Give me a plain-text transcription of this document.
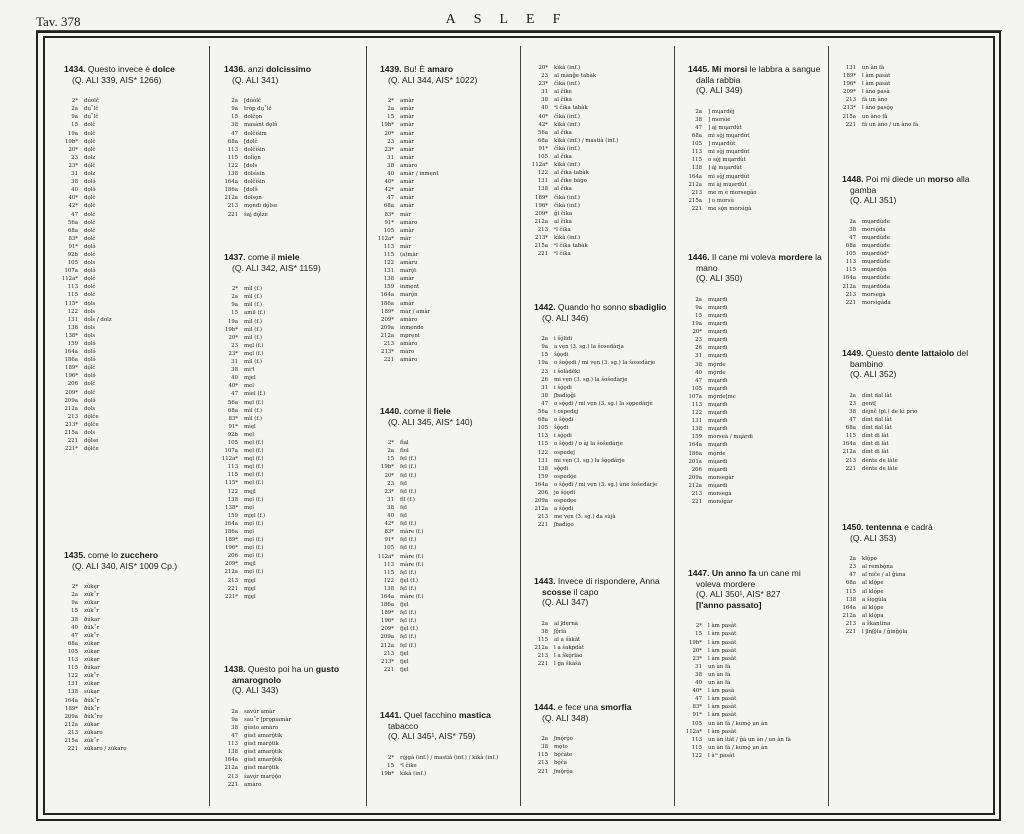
Tav. 378	ASLEF
1434. Questo invece è dolce
(Q. ALI 339, AIS* 1266)
2* dúolč
2a dụ˚lč
9a dụ˚lč
15 dolč
19a dolč
19b* dọlč
20* dọlč
23 dolz
23* dọ̈lč
31 dolz
38 dolə̂
40 dọlə̂
40* dọlč
42* dọlč
47 dolč
56a dolč
68a dolč
83* dolč
91* dọlə̂
92b dolč
105 dols
107a dọlə̂
112a* dọlč
113 dolč
115 dolč
115* dọls
122 dols
131 dol̄s / dolz
138 dols
138* dọls
159 dolə̂
164a dolə̂
186a dọlə̂
189* dọ̈lč
196* dọlə̂
206 dolč
209* dọlč
209a dọlə̂
212a dọls
213 dǫ̈lče
213* dǫ̈lče
215a dols
221 dǫ̈lse
221* dǫ̈lče
1435. come lo zucchero
(Q. ALI 340, AIS* 1009 Cp.)
2* zùkęr
2a zúk˚r
9a zúkar
15 zúk˚r
38 ðúkar
40 ðúk˚r
47 zúk˚r
68a zúkar
105 zúkar
113 zúkar
115 ðúkar
122 zúk˚r
131 zúkar
138 súkar
164a ðúk˚r
189* ðúk˚r
209a ðúk˚ro
212a zúkar
213 zúkaro
215a zúk˚r
221 zùkaro / zùkaro
1436. anzi dolcissimo
(Q. ALI 341)
2a [dúolč
9a tròp dụ˚lč
15 dolčǫn
38 masànt dǫlə̂
47 dolčìšim
68a [dọlč
113 dolčìšin
115 dolìǫn
122 [dols
138 dolsìsin
164a dolčìšin
186a [dolə̂
212a dolsǫn
213 mǫndi dǫ̈lse
221 šaj dǫ̈lze
1437. come il miele
(Q. ALI 342, AIS* 1159)
2* mìl (f.)
2a mìl (f.)
9a mìl (f.)
15 amìl (f.)
19a mìl (f.)
19b* mìl (f.)
20* mìl (f.)
23 męl (f.)
23* męl (f.)
31 mìl (f.)
38 mìᵉl
40 mjel
40* mel
47 mìel (f.)
56a mẹl (f.)
68a mìl (f.)
83* mìl (f.)
91* mìęl
92b mẹl
105 mẹl (f.)
107a mẹl (f.)
112a* męl (f.)
113 męl (f.)
115 mẹl (f.)
115* mẹl (f.)
122 męjl
138 mẹl (f.)
138* mẹl
159 mjẹl (f.)
164a mẹl (f.)
186a mẹl
189* mẹl (f.)
196* mẹl (f.)
206 mẹl (f.)
209* męjl
212a mẹl (f.)
213 mjęl
221 mjęl
221* mjęl
1438. Questo poi ha un gusto amarognolo
(Q. ALI 343)
2a savúr amàr
9a sau˚r [prǫpiamàr
38 gùsto amàro
47 gùst amarǫ̀tik
113 gùst marǫ̀tik
138 gùst amarǫ̀tik
164a gùst amarǫ̀tik
212a gùst marǫ̀tik
213 šavǫ́r marǫ̀ǫ̆o
221 amàro
1439. Bu! È amaro
(Q. ALI 344, AIS* 1022)
2* amàr
2a amàr
15 amàr
19b* amàr
20* amàr
23 amàr
23* amàr
31 amàr
38 amàro
40 amàr / inmẹnt
40* amàr
42* amàr
47 amàr
68a amàr
83* màr
91* amàro
105 amàr
112a* màr
113 màr
115 (a)màr
122 amàru
131 marǫ̀t
138 amàr
159 inmẹnt
164a marǫ̀n
186a amàr
189* màr / amàr
209* amàro
209a inmẹnde
212a mprẹnt
213 amàro
213* màro
221 amàro
1440. come il fiele
(Q. ALI 345, AIS* 140)
2* fìal
2a fìol
15 fẹl (f.)
19b* fẹl (f.)
20* fẹl (f.)
23 fẹl
23* fẹl (f.)
31 fìl (f.)
38 fẹl
40 fẹl
42* fẹl (f.)
83* màre (f.)
91* fẹl (f.)
105 fẹl (f.)
112a* màre (f.)
113 màre (f.)
115 fẹl (f.)
122 fjẹl (f.)
138 fẹl (f.)
164a màre (f.)
186a fjẹl
189* fẹl (f.)
196* fẹl (f.)
209* fjẹl (f.)
209a fẹl (f.)
212a fẹl (f.)
213 fjẹl
213* fjẹl
221 fjẹl
1441. Quel facchino mastica tabacco
(Q. ALI 345¹, AIS* 759)
2* rǫ̀jgà (inf.) / mastià (inf.) / kìkà (inf.)
15 ᵃl čìke
19b* kìkà (inf.)
20* kìkà (inf.)
23 al mànğe tabàk
23* čìkà (inf.)
31 al čìke
38 al čìka
40 ᵃl čìka tabàk
40* čìkà (inf.)
42* kìkà (inf.)
56a al čìka
68a kìkà (inf.) / mastià (inf.)
91* čìkà (inf.)
105 al čìka
112a* kìkà (inf.)
122 al čìka tabàk
131 al čìke bàgo
138 al čìka
189* čìkà (inf.)
196* čìkà (inf.)
209* ǧl čìka
212a al čìka
213 ᵃl čìka
213* kìkà (inf.)
215a ᵃl čìka tabàk
221 ᵃl čìka
1442. Quando ho sonno sbadiglio
(Q. ALI 346)
2a i šǫ̀lidi
9a a vẹn (3. sg.) la šosedàrja
15 šǫ̀ǫdi
19a o šoǫ̀ẹdi / mi vẹn (3. sg.) la šosedàrje
23 i šolàdèki
26 mi vẹn (3. sg.) la šošedàrje
31 i šǫ̀ǫdi
38 ʃbadìǫǧi
47 o sǫ̀ǫdi / mi vẹn (3. sg.) la sǫpedàrje
56a i ospedẹj
68a o šǫ̀ǫdi
105 šǫ̀ǫdi
113 i sǫ̀ǫdi
115 o šǫ̀ǫdi / o àj la šošedàrje
122 ospedẹj
131 mi vẹn (3. sg.) la šǫ̀ǫdàrje
138 sǫ̀ǫdi
159 ospedǫ̀e
164a o šǫ̀ǫdi / mi vẹn (3. sg.) ùne šošedàrje
206 jo šǫ̀ǫdi
209a ospedẹe
212a a šǫ̀ǫdi
213 me vẹn (3. sg.) da sùjà
221 ʃbadìǫo
1443. Invece di rispondere, Anna scosse il capo
(Q. ALI 347)
2a al ʃdẹrnà
38 ʃǫ̀rlà
115 al a šàkàt
212a l a šakpdàt
213 l a škǫ̀rlào
221 l ga škàšà
1444. e fece una smorfia
(Q. ALI 348)
2a ʃmǫ̀rǫ̀o
38 mǫ̀to
115 bǫ̀čàte
213 bǫ̀ča
221 ʃmǫ̀rǫ̀a
1445. Mi morsi le labbra a sangue dalla rabbia
(Q. ALI 349)
2a ] mųardèj
38 ] morsìe
47 ] aj mųardùt
68a mi sǫ̀j mųardùt
105 ] mųardùt
113 mi sǫ̀j mųardùt
115 o sǫ̀j mųardùt
138 ] àj mųardùt
164a mi sǫ̀j mųardùt
212a mi àj mųardùt
213 me m é morsegào
215a ] o morsù
221 me sǫ̀n morsìgà
1446. Il cane mi voleva mordere la mano
(Q. ALI 350)
2a mųardi
9a mųardi
15 mųardi
19a mųardi
20* mųardi
23 mųardi
26 mųardi
31 mųardi
38 mǫ̀rde
40 mǫ̀rde
47 mųardi
105 mųardi
107a mǫ̀rde[mc
113 mųardi
122 mųardi
131 mųardi
138 mųardi
159 morseà / mųàrdi
164a mųardi
186a mǫ̀rde
201a mųardi
206 mųardi
209a morsegàr
212a mųardi
213 morsegà
221 morsìgàr
1447. Un anno fa un cane mi voleva mordere
(Q. ALI 350¹, AIS* 827
[l'anno passato]
2* l àm pasàt
15 l àm pasàt
19b* l àm pasàt
20* l àm pasàt
23* l àm pasàt
31 un àn fà
38 un àn fà
40 un àn fà
40* l àm pasà
47 l àm pasàt
83* l àm pasàt
91* l àm pasàt
105 un àn fà / kumǫ̀ un àn
112a* l àm pasàt
113 un àn ìtàt / ǧà un àn / un àn fà
115 un àn fà / kumǫ̀ un àn
122 l àᵐ pasàt
131 un àn fà
189* l àm pasàt
196* l àm pasàt
209* l àno pasà
213 fà un àno
213* l àno pasǫ̀ǫ
215a un àno fà
221 fà un àno / un àno fà
1448. Poi mi diede un morso alla gamba
(Q. ALI 351)
2a mųardùde
38 morsǫ̀da
47 mųardùde
68a mųardùde
105 mųardùdᵃ
113 mųardùde
115 mųardǫ̀n
164a mųardùde
212a mųardùda
213 morsegà
221 morsìgàda
1449. Questo dente lattaiolo del bambino
(Q. ALI 352)
2a dìnt dal làt
23 gent[
38 dèjnč (pl.) de kì prìo
47 dìnt dal làt
68a dìnt dal làt
115 dìnt di làt
164a dìnt di làt
212a dìnt di làt
213 dènte de làte
221 dènte de làte
1450. tentenna e cadrà
(Q. ALI 353)
2a klǫ̀po
23 al rembǫ̀na
47 al niče / al ǧùna
68a al klǫ̀pe
115 al klǫ̀pe
138 a šìǫgùla
164a al klǫ̀pe
212a al klǫ̀pa
213 a škantìna
221 l ʃinʃǫ̀la / ǧinǧǫ̀la
